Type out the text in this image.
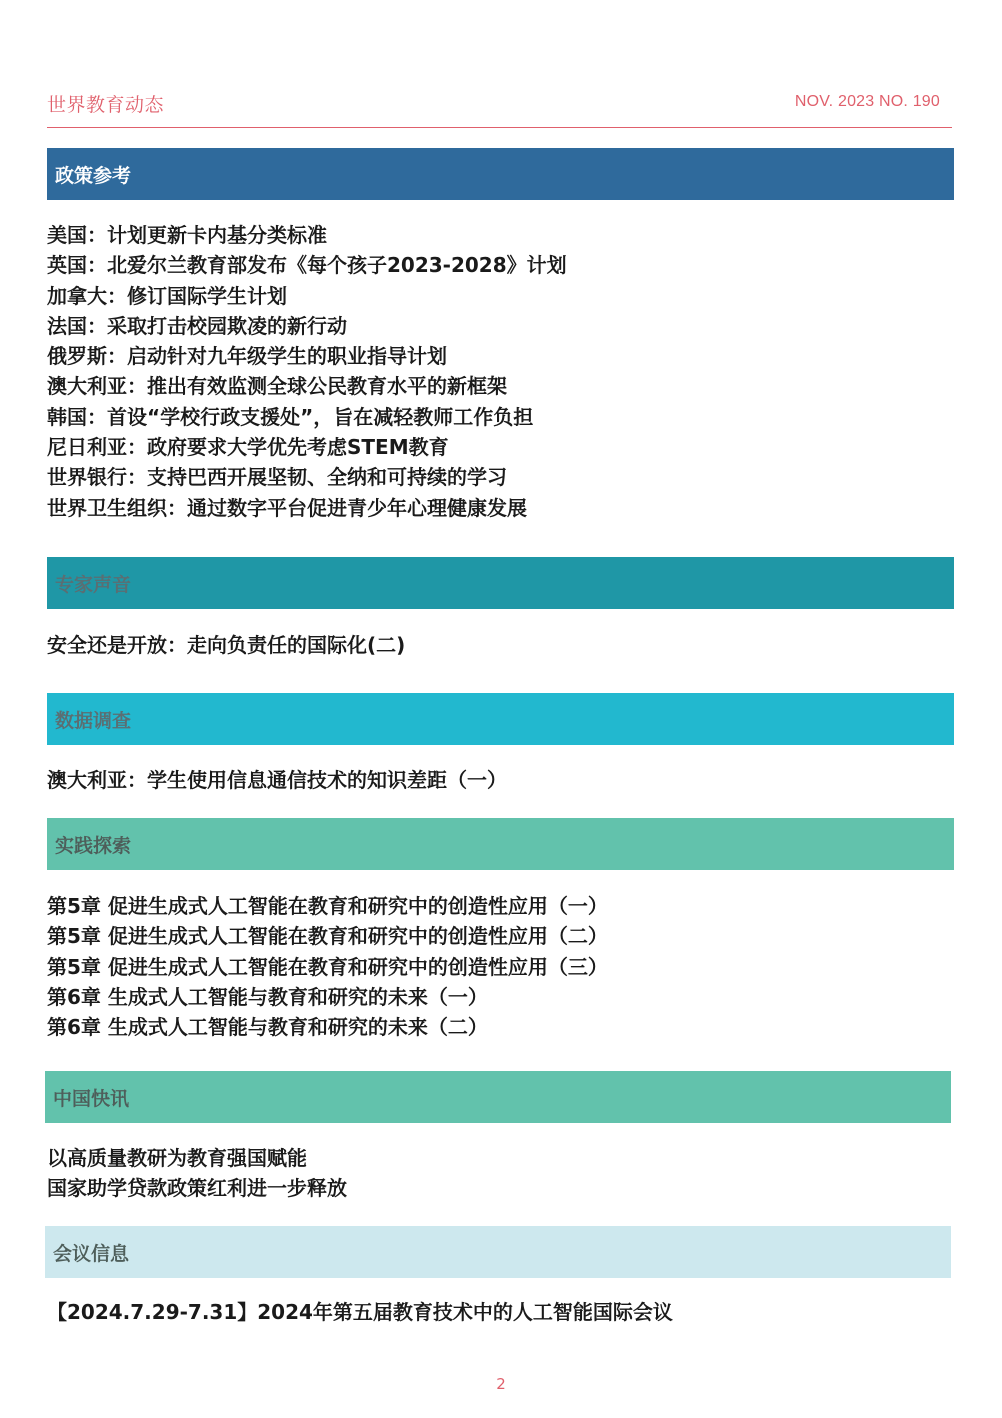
世界教育动态	NOV. 2023 NO. 190
政策参考
美国：计划更新卡内基分类标准
英国：北爱尔兰教育部发布《每个孩子2023-2028》计划
加拿大：修订国际学生计划
法国：采取打击校园欺凌的新行动
俄罗斯：启动针对九年级学生的职业指导计划
澳大利亚：推出有效监测全球公民教育水平的新框架
韩国：首设“学校行政支援处”，旨在减轻教师工作负担
尼日利亚：政府要求大学优先考虑STEM教育
世界银行：支持巴西开展坚韧、全纳和可持续的学习
世界卫生组织：通过数字平台促进青少年心理健康发展
专家声音
安全还是开放：走向负责任的国际化(二)
数据调查
澳大利亚：学生使用信息通信技术的知识差距（一）
实践探索
第5章 促进生成式人工智能在教育和研究中的创造性应用（一）
第5章 促进生成式人工智能在教育和研究中的创造性应用（二）
第5章 促进生成式人工智能在教育和研究中的创造性应用（三）
第6章 生成式人工智能与教育和研究的未来（一）
第6章 生成式人工智能与教育和研究的未来（二）
中国快讯
以高质量教研为教育强国赋能
国家助学贷款政策红利进一步释放
会议信息
【2024.7.29-7.31】2024年第五届教育技术中的人工智能国际会议
2
